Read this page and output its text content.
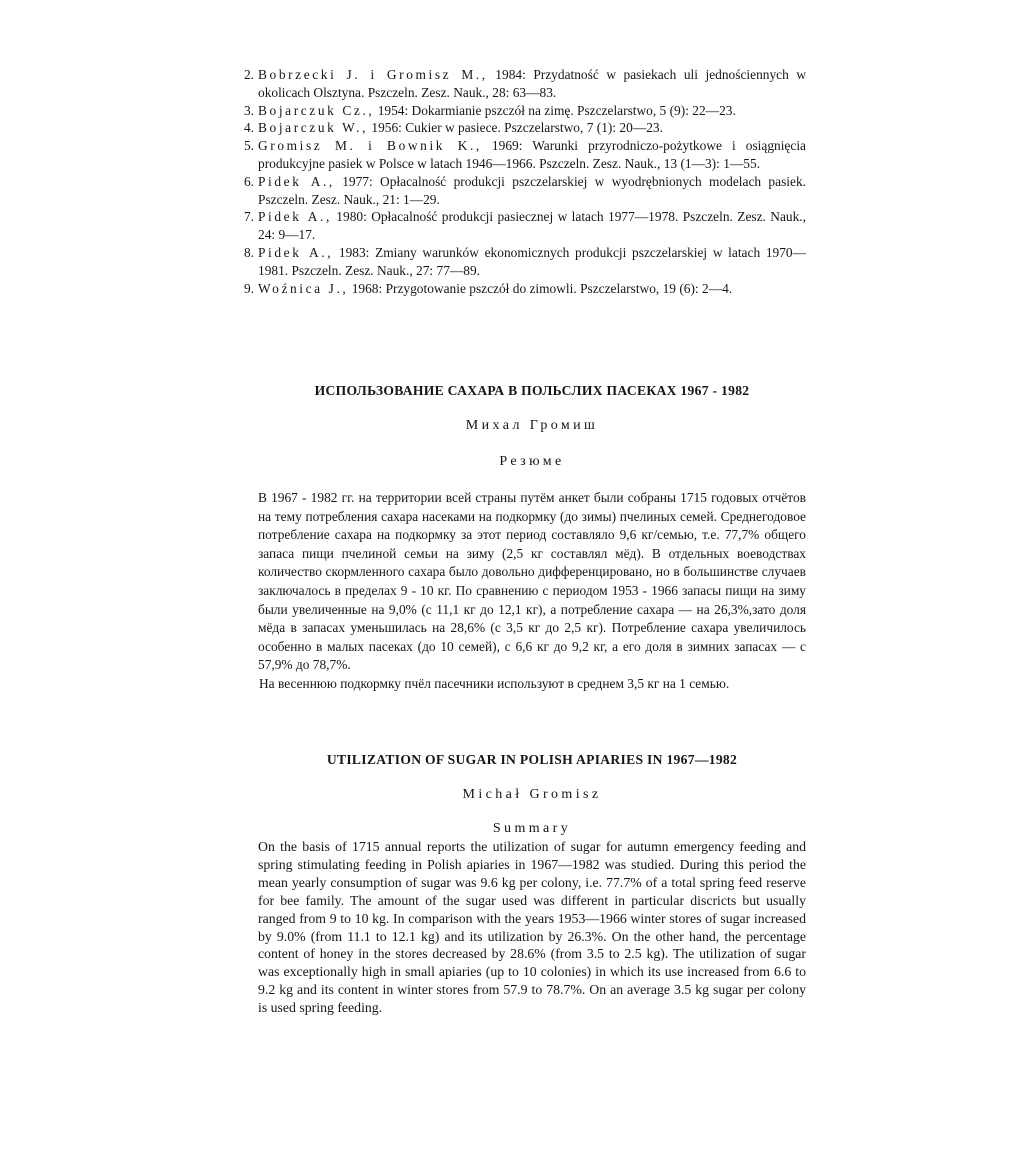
2. Bobrzecki J. i Gromisz M., 1984: Przydatność w pasiekach uli jednościennych w okolicach Olsztyna. Pszczeln. Zesz. Nauk., 28: 63—83.
3. Bojarczuk Cz., 1954: Dokarmianie pszczół na zimę. Pszczelarstwo, 5 (9): 22—23.
4. Bojarczuk W., 1956: Cukier w pasiece. Pszczelarstwo, 7 (1): 20—23.
5. Gromisz M. i Bownik K., 1969: Warunki przyrodniczo-pożytkowe i osiągnięcia produkcyjne pasiek w Polsce w latach 1946—1966. Pszczeln. Zesz. Nauk., 13 (1—3): 1—55.
6. Pidek A., 1977: Opłacalność produkcji pszczelarskiej w wyodrębnionych modelach pasiek. Pszczeln. Zesz. Nauk., 21: 1—29.
7. Pidek A., 1980: Opłacalność produkcji pasiecznej w latach 1977—1978. Pszczeln. Zesz. Nauk., 24: 9—17.
8. Pidek A., 1983: Zmiany warunków ekonomicznych produkcji pszczelarskiej w latach 1970—1981. Pszczeln. Zesz. Nauk., 27: 77—89.
9. Woźnica J., 1968: Przygotowanie pszczół do zimowli. Pszczelarstwo, 19 (6): 2—4.
ИСПОЛЬЗОВАНИЕ САХАРА В ПОЛЬСЛИХ ПАСЕКАХ 1967 - 1982
Михал Громиш
Резюме

В 1967 - 1982 гг. на территории всей страны путём анкет были собраны 1715 годовых отчётов на тему потребления сахара насеками на подкормку (до зимы) пчелиных семей. Среднегодовое потребление сахара на подкормку за этот период составляло 9,6 кг/семью, т.е. 77,7% общего запаса пищи пчелиной семьи на зиму (2,5 кг составлял мёд). В отдельных воеводствах количество скормленного сахара было довольно дифференцировано, но в большинстве случаев заключалось в пределах 9 - 10 кг. По сравнению с периодом 1953 - 1966 запасы пищи на зиму были увеличенные на 9,0% (с 11,1 кг до 12,1 кг), а потребление сахара — на 26,3%,зато доля мёда в запасах уменьшилась на 28,6% (с 3,5 кг до 2,5 кг). Потребление сахара увеличилось особенно в малых пасеках (до 10 семей), с 6,6 кг до 9,2 кг, а его доля в зимних запасах — с 57,9% до 78,7%.

На весеннюю подкормку пчёл пасечники используют в среднем 3,5 кг на 1 семью.

UTILIZATION OF SUGAR IN POLISH APIARIES IN 1967—1982
Michał Gromisz
Summary

On the basis of 1715 annual reports the utilization of sugar for autumn emergency feeding and spring stimulating feeding in Polish apiaries in 1967—1982 was studied. During this period the mean yearly consumption of sugar was 9.6 kg per colony, i.e. 77.7% of a total spring feed reserve for bee family. The amount of the sugar used was different in particular discricts but usually ranged from 9 to 10 kg. In comparison with the years 1953—1966 winter stores of sugar increased by 9.0% (from 11.1 to 12.1 kg) and its utilization by 26.3%. On the other hand, the percentage content of honey in the stores decreased by 28.6% (from 3.5 to 2.5 kg). The utilization of sugar was exceptionally high in small apiaries (up to 10 colonies) in which its use increased from 6.6 to 9.2 kg and its content in winter stores from 57.9 to 78.7%. On an average 3.5 kg sugar per colony is used spring feeding.
